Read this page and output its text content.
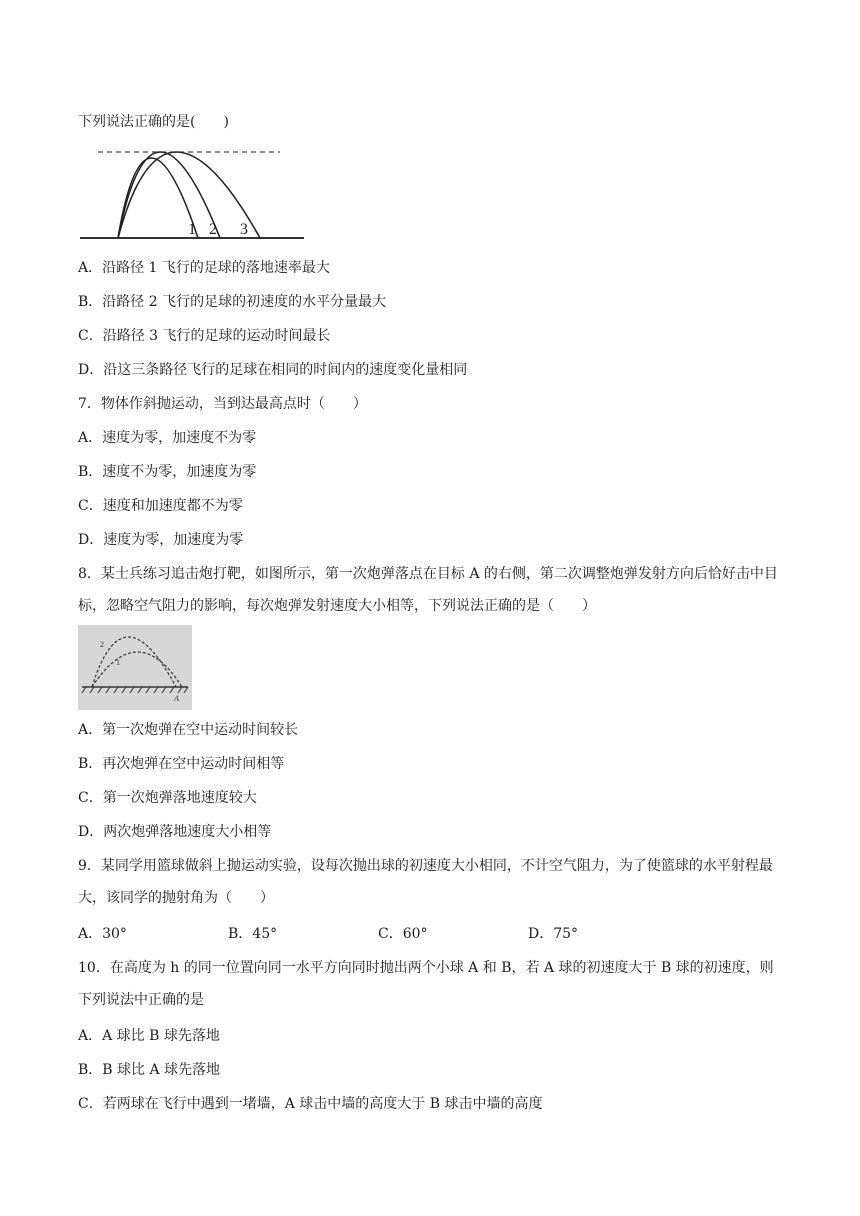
下列说法正确的是(　　)
1 2 3
A．沿路径 1 飞行的足球的落地速率最大
B．沿路径 2 飞行的足球的初速度的水平分量最大
C．沿路径 3 飞行的足球的运动时间最长
D．沿这三条路径飞行的足球在相同的时间内的速度变化量相同
7．物体作斜抛运动，当到达最高点时（　　）
A．速度为零，加速度不为零
B．速度不为零，加速度为零
C．速度和加速度都不为零
D．速度为零，加速度为零
8．某士兵练习追击炮打靶，如图所示，第一次炮弹落点在目标 A 的右侧，第二次调整炮弹发射方向后恰好击中目标，忽略空气阻力的影响，每次炮弹发射速度大小相等，下列说法正确的是（　　）
2
1
A
A．第一次炮弹在空中运动时间较长
B．再次炮弹在空中运动时间相等
C．第一次炮弹落地速度较大
D．两次炮弹落地速度大小相等
9．某同学用篮球做斜上抛运动实验，设每次抛出球的初速度大小相同，不计空气阻力，为了使篮球的水平射程最大，该同学的抛射角为（　　）
A．30°	B．45°	C．60°	D．75°
10．在高度为 h 的同一位置向同一水平方向同时抛出两个小球 A 和 B，若 A 球的初速度大于 B 球的初速度，则下列说法中正确的是
A．A 球比 B 球先落地
B．B 球比 A 球先落地
C．若两球在飞行中遇到一堵墙，A 球击中墙的高度大于 B 球击中墙的高度
